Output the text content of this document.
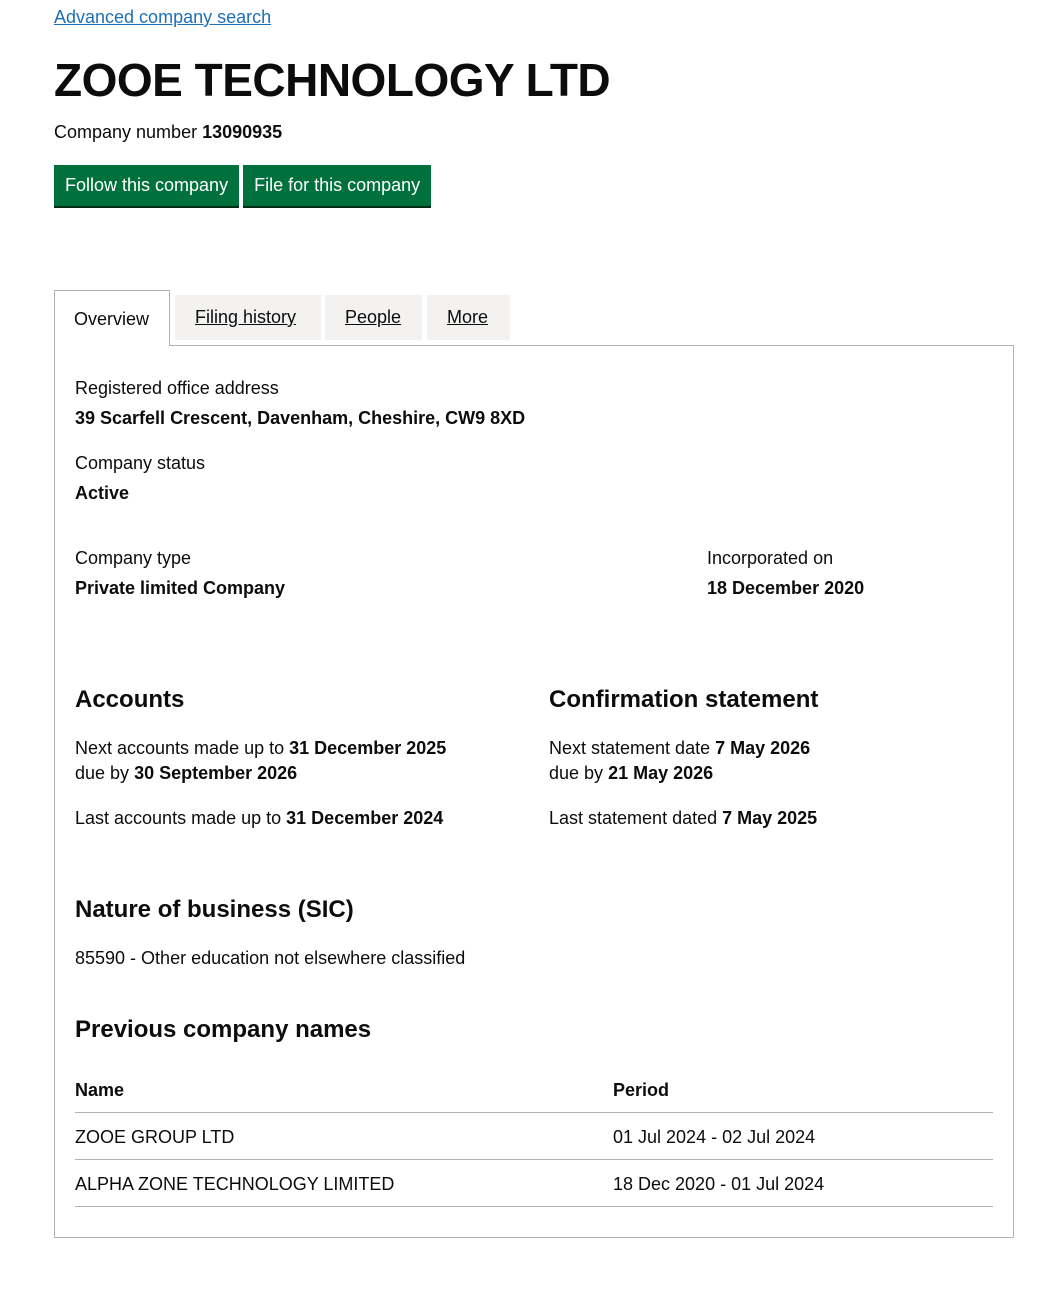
Advanced company search
ZOOE TECHNOLOGY LTD
Company number 13090935
Follow this company	File for this company
Overview	Filing history	People	More
Registered office address
39 Scarfell Crescent, Davenham, Cheshire, CW9 8XD
Company status
Active
Company type
Private limited Company
Incorporated on
18 December 2020
Accounts
Next accounts made up to 31 December 2025
due by 30 September 2026
Last accounts made up to 31 December 2024
Confirmation statement
Next statement date 7 May 2026
due by 21 May 2026
Last statement dated 7 May 2025
Nature of business (SIC)
85590 - Other education not elsewhere classified
Previous company names
Name	Period
ZOOE GROUP LTD	01 Jul 2024 - 02 Jul 2024
ALPHA ZONE TECHNOLOGY LIMITED	18 Dec 2020 - 01 Jul 2024
